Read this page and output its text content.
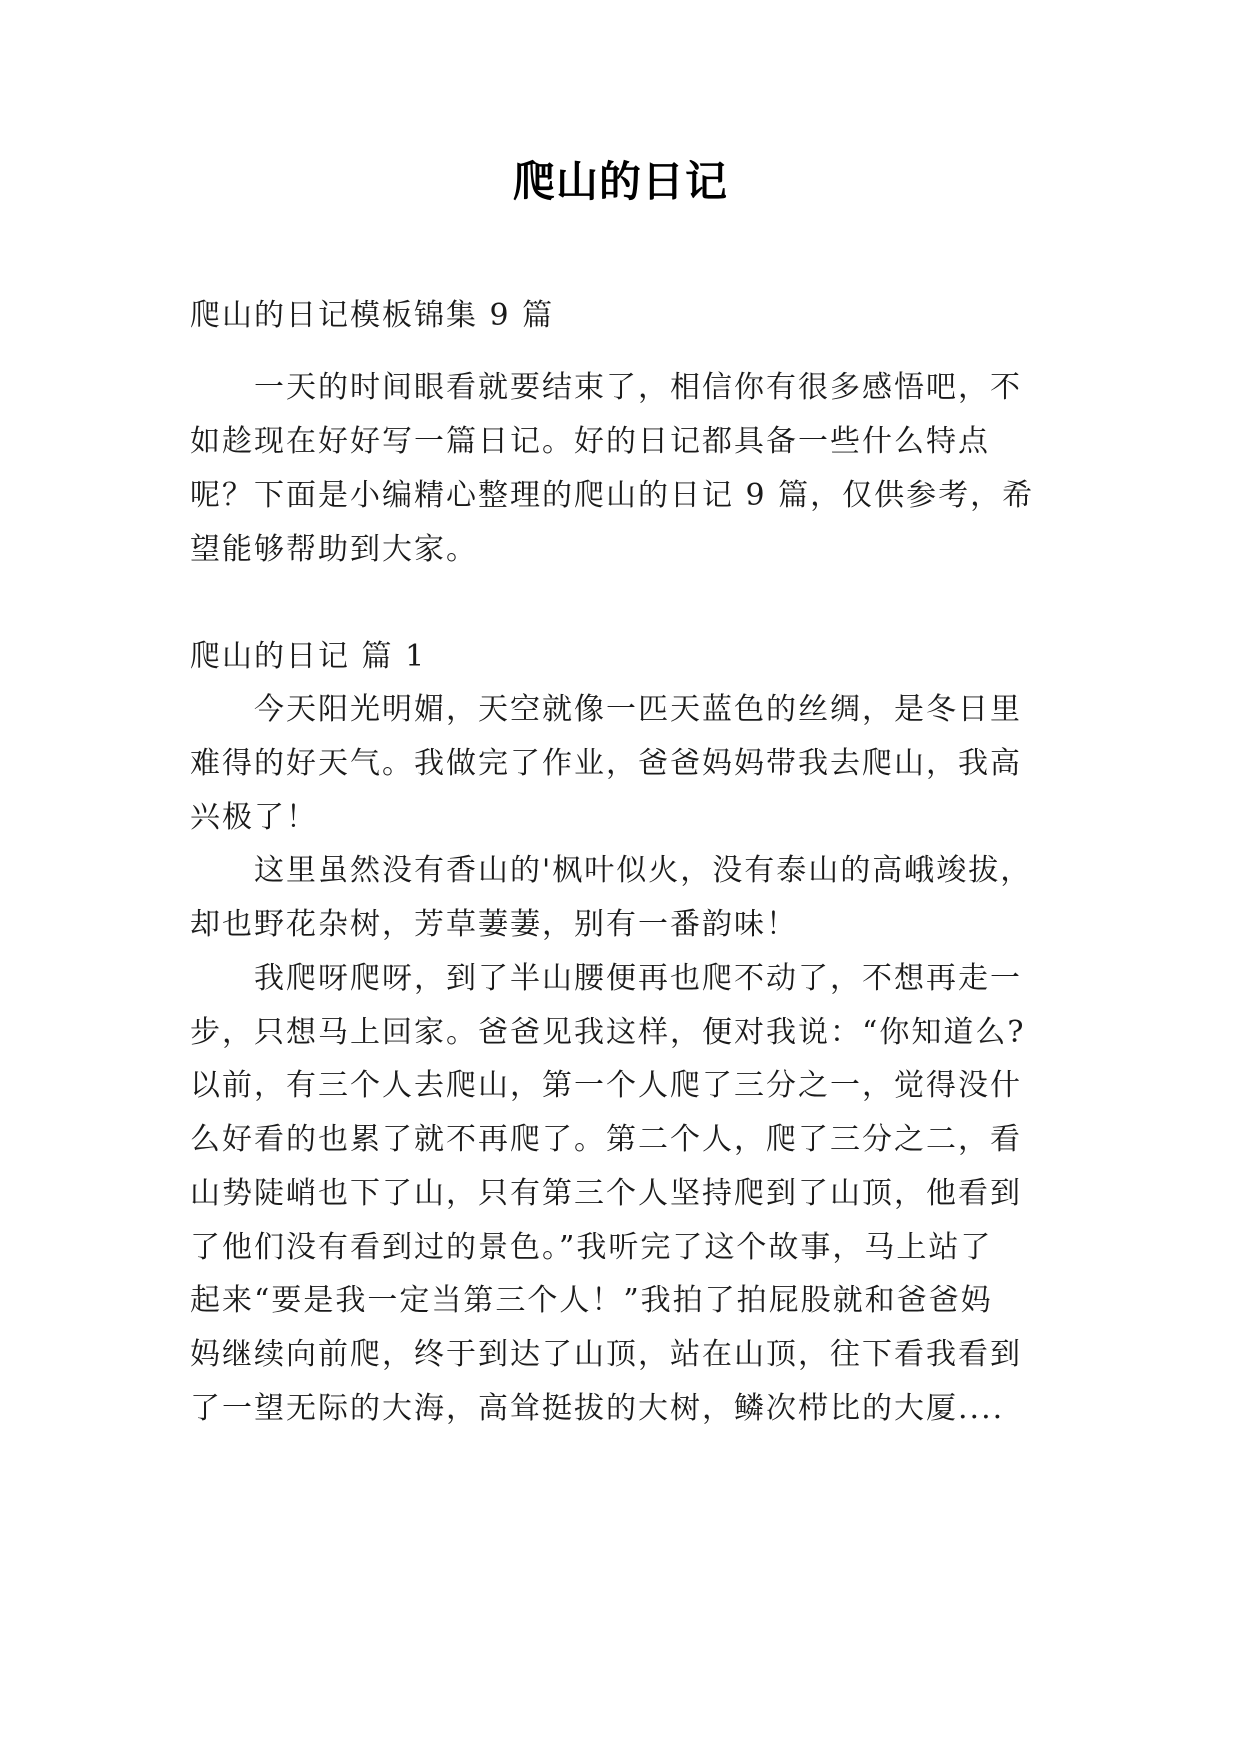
爬山的日记
爬山的日记模板锦集 9 篇
一天的时间眼看就要结束了，相信你有很多感悟吧，不
如趁现在好好写一篇日记。好的日记都具备一些什么特点
呢？下面是小编精心整理的爬山的日记 9 篇，仅供参考，希
望能够帮助到大家。
爬山的日记 篇 1
今天阳光明媚，天空就像一匹天蓝色的丝绸，是冬日里
难得的好天气。我做完了作业，爸爸妈妈带我去爬山，我高
兴极了！
这里虽然没有香山的'枫叶似火，没有泰山的高峨竣拔，
却也野花杂树，芳草萋萋，别有一番韵味！
我爬呀爬呀，到了半山腰便再也爬不动了，不想再走一
步，只想马上回家。爸爸见我这样，便对我说：“你知道么?
以前，有三个人去爬山，第一个人爬了三分之一，觉得没什
么好看的也累了就不再爬了。第二个人，爬了三分之二，看
山势陡峭也下了山，只有第三个人坚持爬到了山顶，他看到
了他们没有看到过的景色。”我听完了这个故事，马上站了
起来“要是我一定当第三个人！”我拍了拍屁股就和爸爸妈
妈继续向前爬，终于到达了山顶，站在山顶，往下看我看到
了一望无际的大海，高耸挺拔的大树，鳞次栉比的大厦....
